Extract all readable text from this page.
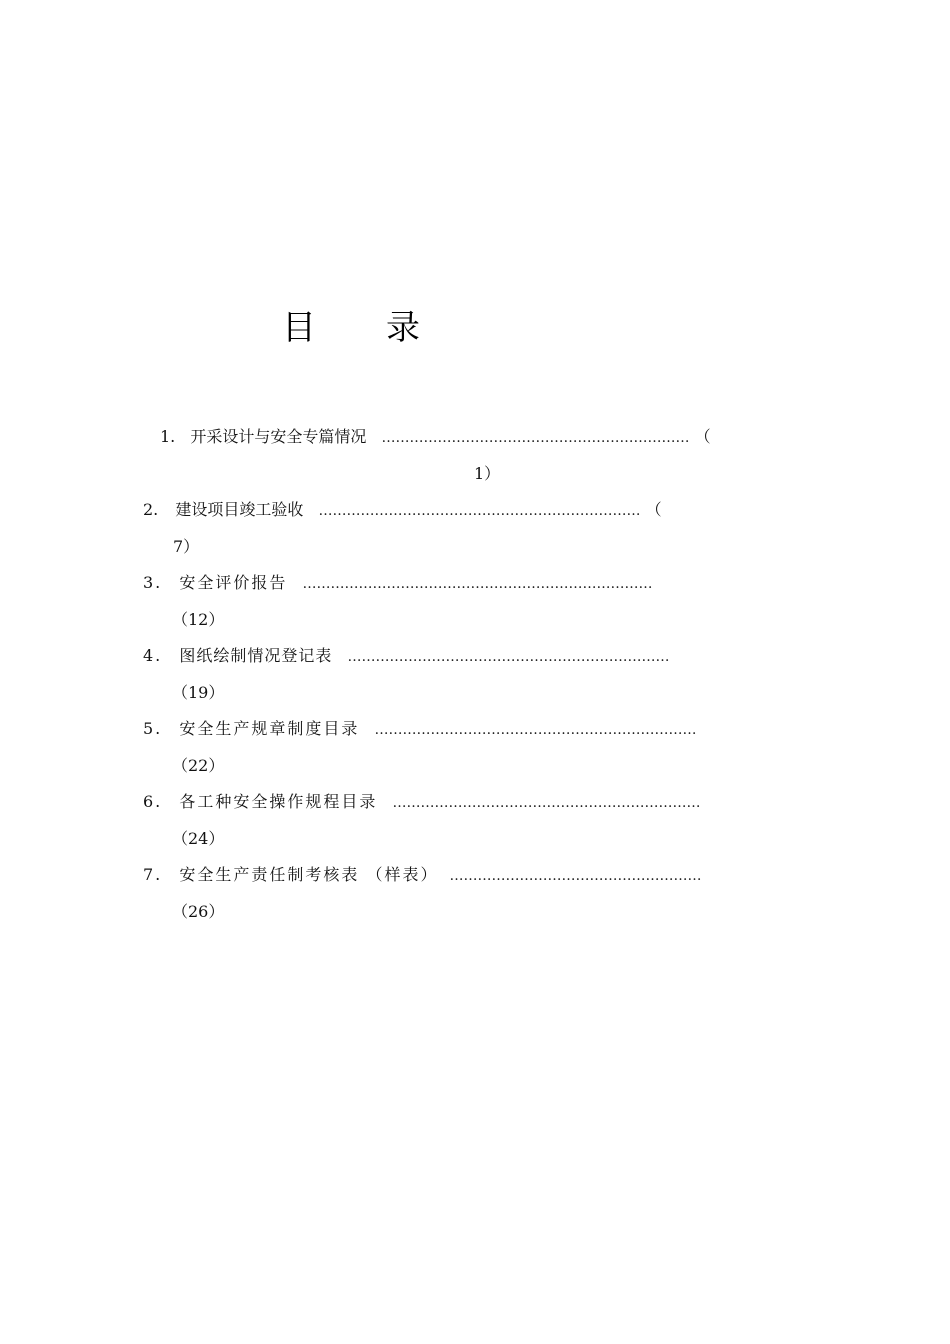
目 录
1. 开采设计与安全专篇情况 ………………………………………………………… （
1）
2. 建设项目竣工验收 …………………………………………………………… （
7）
3. 安全评价报告 …………………………………………………………………
（12）
4. 图纸绘制情况登记表 ……………………………………………………………
（19）
5. 安全生产规章制度目录 ……………………………………………………………
（22）
6. 各工种安全操作规程目录 …………………………………………………………
（24）
7. 安全生产责任制考核表 （样表） ………………………………………………
（26）
